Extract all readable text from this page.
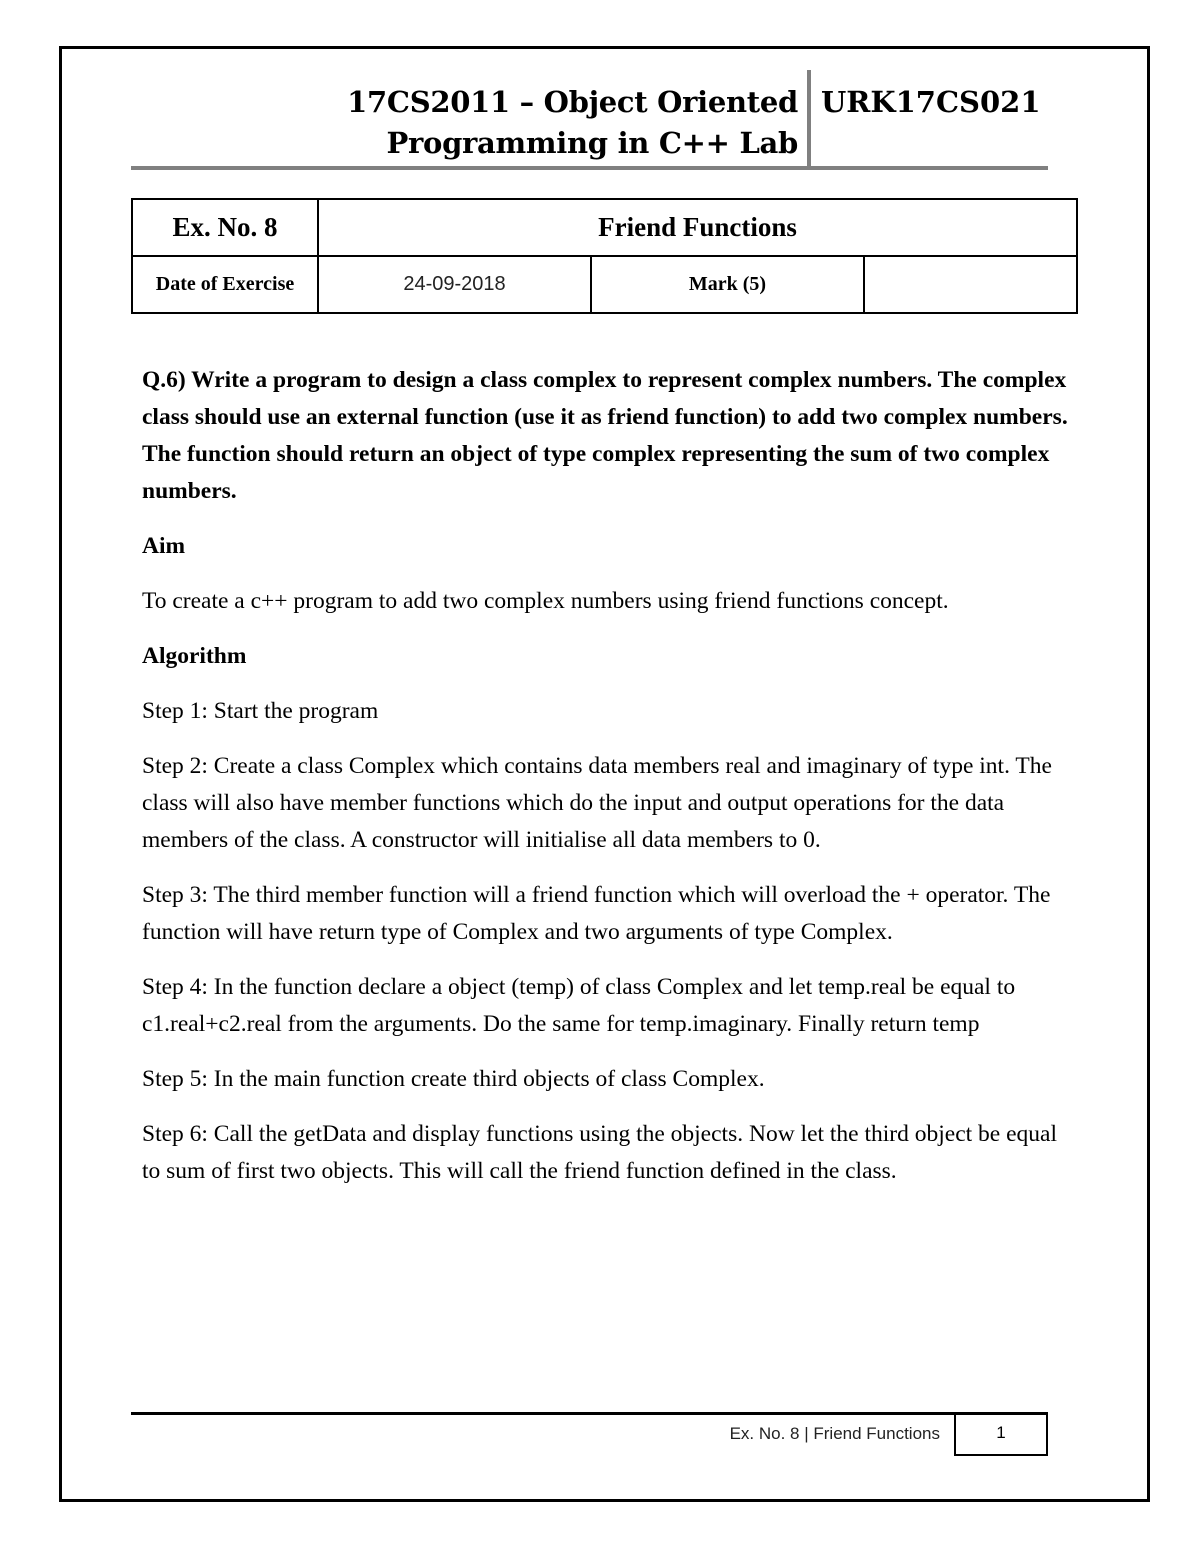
17CS2011 – Object Oriented
Programming in C++ Lab
URK17CS021
Ex. No. 8	Friend Functions		
Date of Exercise	24-09-2018	Mark (5)	

Q.6) Write a program to design a class complex to represent complex numbers. The complex class should use an external function (use it as friend function) to add two complex numbers. The function should return an object of type complex representing the sum of two complex numbers.

Aim

To create a c++ program to add two complex numbers using friend functions concept.

Algorithm

Step 1: Start the program

Step 2: Create a class Complex which contains data members real and imaginary of type int. The class will also have member functions which do the input and output operations for the data members of the class. A constructor will initialise all data members to 0.

Step 3: The third member function will a friend function which will overload the + operator. The function will have return type of Complex and two arguments of type Complex.

Step 4: In the function declare a object (temp) of class Complex and let temp.real be equal to c1.real+c2.real from the arguments. Do the same for temp.imaginary. Finally return temp

Step 5: In the main function create third objects of class Complex.

Step 6: Call the getData and display functions using the objects. Now let the third object be equal to sum of first two objects. This will call the friend function defined in the class.

Ex. No. 8 | Friend Functions	1
